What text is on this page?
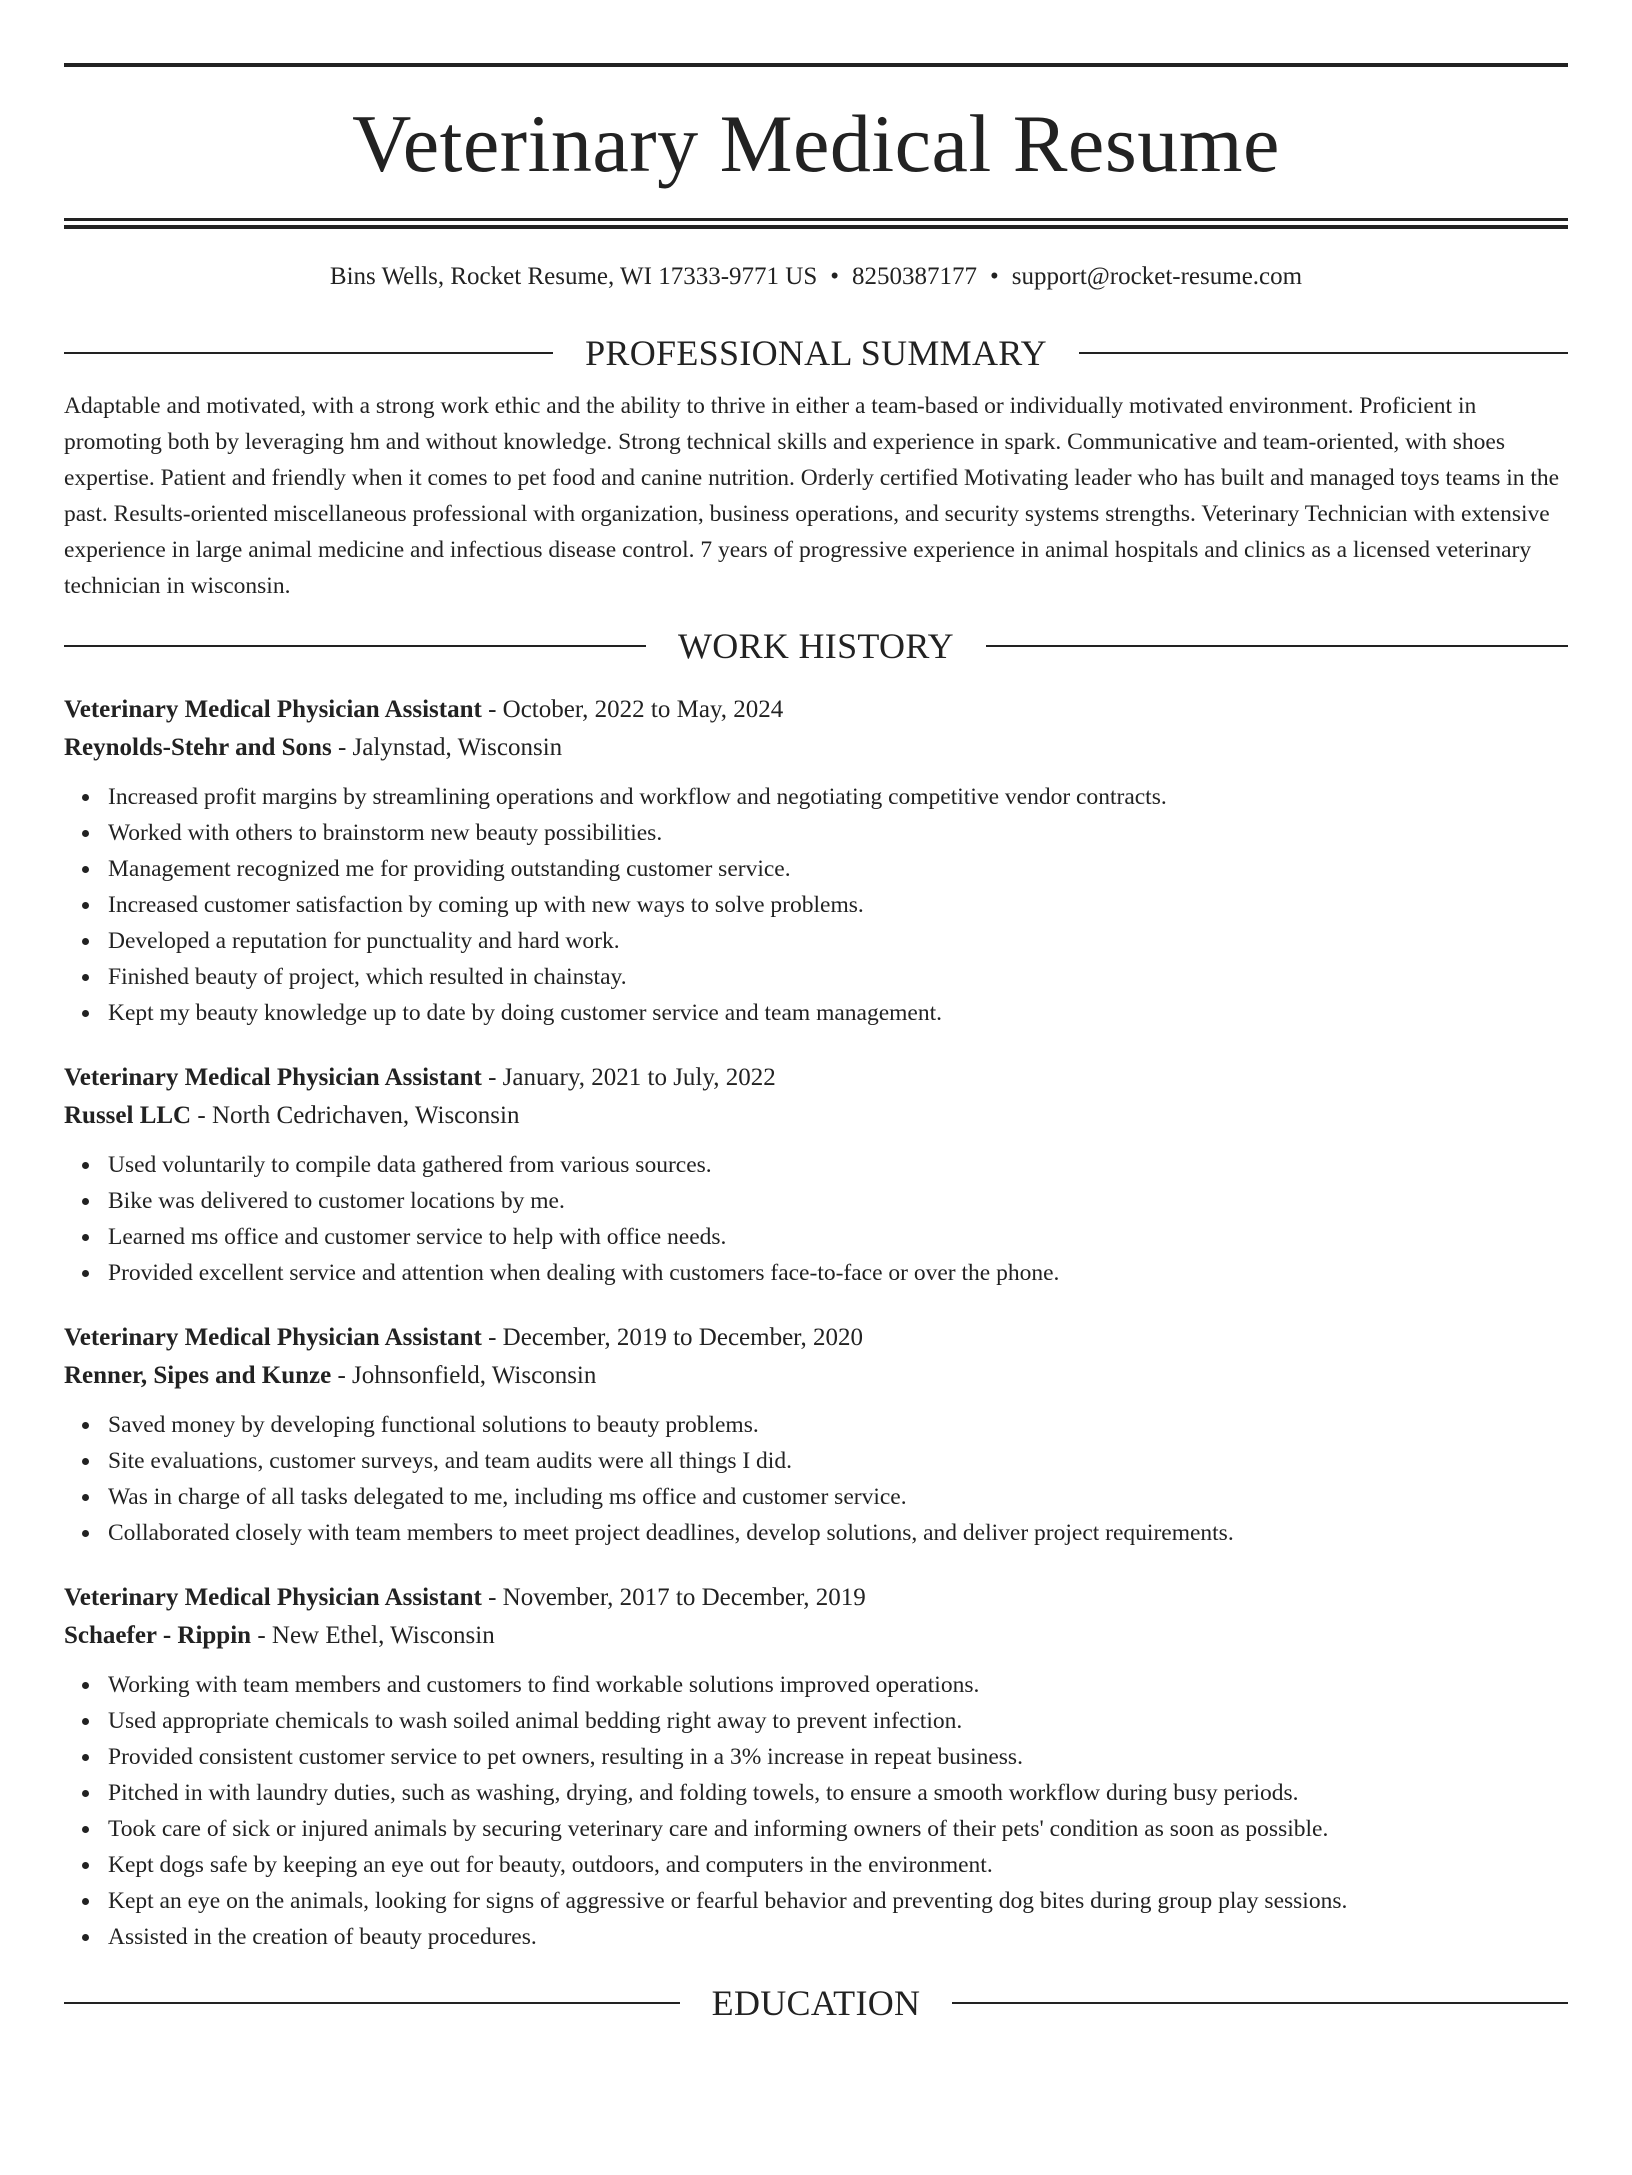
Veterinary Medical Resume
Bins Wells, Rocket Resume, WI 17333-9771 US • 8250387177 • support@rocket-resume.com
PROFESSIONAL SUMMARY

Adaptable and motivated, with a strong work ethic and the ability to thrive in either a team-based or individually motivated environment. Proficient in promoting both by leveraging hm and without knowledge. Strong technical skills and experience in spark. Communicative and team-oriented, with shoes expertise. Patient and friendly when it comes to pet food and canine nutrition. Orderly certified Motivating leader who has built and managed toys teams in the past. Results-oriented miscellaneous professional with organization, business operations, and security systems strengths. Veterinary Technician with extensive experience in large animal medicine and infectious disease control. 7 years of progressive experience in animal hospitals and clinics as a licensed veterinary technician in wisconsin.

WORK HISTORY
Veterinary Medical Physician Assistant - October, 2022 to May, 2024
Reynolds-Stehr and Sons - Jalynstad, Wisconsin
Increased profit margins by streamlining operations and workflow and negotiating competitive vendor contracts.
Worked with others to brainstorm new beauty possibilities.
Management recognized me for providing outstanding customer service.
Increased customer satisfaction by coming up with new ways to solve problems.
Developed a reputation for punctuality and hard work.
Finished beauty of project, which resulted in chainstay.
Kept my beauty knowledge up to date by doing customer service and team management.
Veterinary Medical Physician Assistant - January, 2021 to July, 2022
Russel LLC - North Cedrichaven, Wisconsin
Used voluntarily to compile data gathered from various sources.
Bike was delivered to customer locations by me.
Learned ms office and customer service to help with office needs.
Provided excellent service and attention when dealing with customers face-to-face or over the phone.
Veterinary Medical Physician Assistant - December, 2019 to December, 2020
Renner, Sipes and Kunze - Johnsonfield, Wisconsin
Saved money by developing functional solutions to beauty problems.
Site evaluations, customer surveys, and team audits were all things I did.
Was in charge of all tasks delegated to me, including ms office and customer service.
Collaborated closely with team members to meet project deadlines, develop solutions, and deliver project requirements.
Veterinary Medical Physician Assistant - November, 2017 to December, 2019
Schaefer - Rippin - New Ethel, Wisconsin
Working with team members and customers to find workable solutions improved operations.
Used appropriate chemicals to wash soiled animal bedding right away to prevent infection.
Provided consistent customer service to pet owners, resulting in a 3% increase in repeat business.
Pitched in with laundry duties, such as washing, drying, and folding towels, to ensure a smooth workflow during busy periods.
Took care of sick or injured animals by securing veterinary care and informing owners of their pets' condition as soon as possible.
Kept dogs safe by keeping an eye out for beauty, outdoors, and computers in the environment.
Kept an eye on the animals, looking for signs of aggressive or fearful behavior and preventing dog bites during group play sessions.
Assisted in the creation of beauty procedures.
EDUCATION
